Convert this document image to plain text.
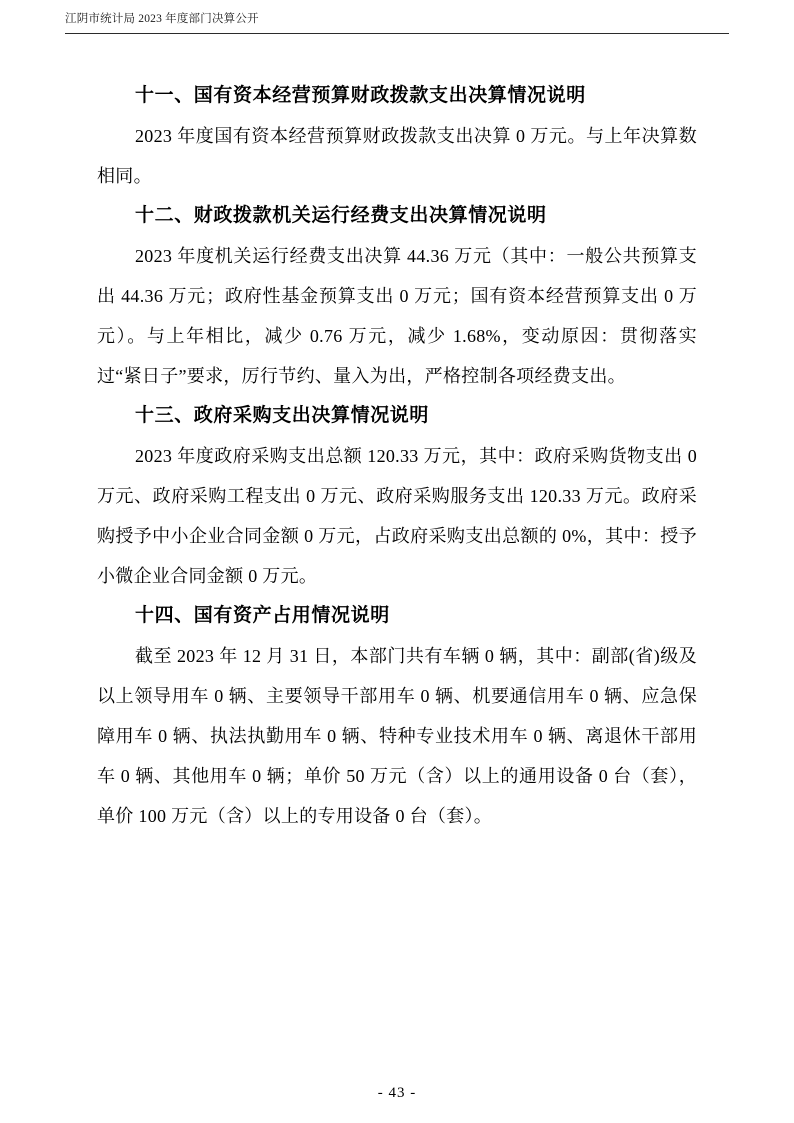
江阴市统计局 2023 年度部门决算公开
十一、国有资本经营预算财政拨款支出决算情况说明

2023 年度国有资本经营预算财政拨款支出决算 0 万元。与上年决算数相同。

十二、财政拨款机关运行经费支出决算情况说明

2023 年度机关运行经费支出决算 44.36 万元（其中：一般公共预算支出 44.36 万元；政府性基金预算支出 0 万元；国有资本经营预算支出 0 万元）。与上年相比，减少 0.76 万元，减少 1.68%，变动原因：贯彻落实过“紧日子”要求，厉行节约、量入为出，严格控制各项经费支出。

十三、政府采购支出决算情况说明

2023 年度政府采购支出总额 120.33 万元，其中：政府采购货物支出 0 万元、政府采购工程支出 0 万元、政府采购服务支出 120.33 万元。政府采购授予中小企业合同金额 0 万元，占政府采购支出总额的 0%，其中：授予小微企业合同金额 0 万元。

十四、国有资产占用情况说明

截至 2023 年 12 月 31 日，本部门共有车辆 0 辆，其中：副部(省)级及以上领导用车 0 辆、主要领导干部用车 0 辆、机要通信用车 0 辆、应急保障用车 0 辆、执法执勤用车 0 辆、特种专业技术用车 0 辆、离退休干部用车 0 辆、其他用车 0 辆；单价 50 万元（含）以上的通用设备 0 台（套），单价 100 万元（含）以上的专用设备 0 台（套）。

- 43 -
